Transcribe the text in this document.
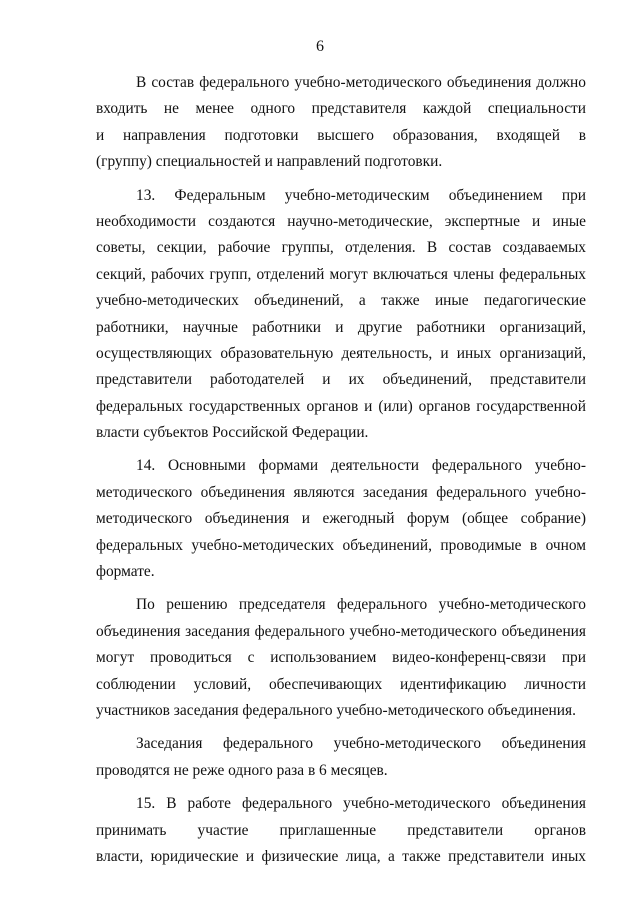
6
В состав федерального учебно-методического объединения должно
входить не менее одного представителя каждой специальности
и направления подготовки высшего образования, входящей в
(группу) специальностей и направлений подготовки.
13. Федеральным учебно-методическим объединением при
необходимости создаются научно-методические, экспертные и иные
советы, секции, рабочие группы, отделения. В состав создаваемых
секций, рабочих групп, отделений могут включаться члены федеральных
учебно-методических объединений, а также иные педагогические
работники, научные работники и другие работники организаций,
осуществляющих образовательную деятельность, и иных организаций,
представители работодателей и их объединений, представители
федеральных государственных органов и (или) органов государственной
власти субъектов Российской Федерации.
14. Основными формами деятельности федерального учебно-
методического объединения являются заседания федерального учебно-
методического объединения и ежегодный форум (общее собрание)
федеральных учебно-методических объединений, проводимые в очном
формате.
По решению председателя федерального учебно-методического
объединения заседания федерального учебно-методического объединения
могут проводиться с использованием видео-конференц-связи при
соблюдении условий, обеспечивающих идентификацию личности
участников заседания федерального учебно-методического объединения.
Заседания федерального учебно-методического объединения
проводятся не реже одного раза в 6 месяцев.
15. В работе федерального учебно-методического объединения
принимать участие приглашенные представители органов
власти, юридические и физические лица, а также представители иных
